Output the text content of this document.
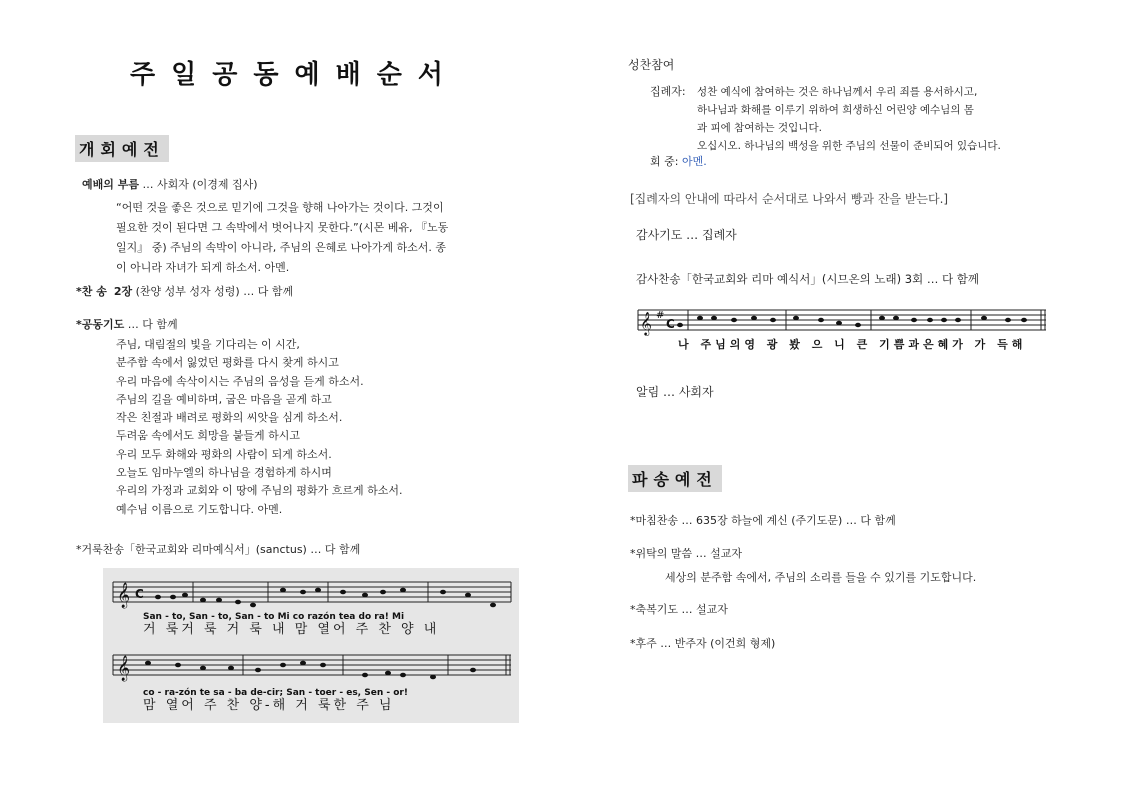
주일공동예배순서
개회예전
예배의 부름 … 사회자 (이경제 집사)
“어떤 것을 좋은 것으로 믿기에 그것을 향해 나아가는 것이다. 그것이
필요한 것이 된다면 그 속박에서 벗어나지 못한다.”(시몬 베유, 『노동
일지』 중) 주님의 속박이 아니라, 주님의 은혜로 나아가게 하소서. 종
이 아니라 자녀가 되게 하소서. 아멘.
*찬 송 2장 (찬양 성부 성자 성령) … 다 함께
*공동기도 … 다 함께
주님, 대림절의 빛을 기다리는 이 시간,
분주함 속에서 잃었던 평화를 다시 찾게 하시고
우리 마음에 속삭이시는 주님의 음성을 듣게 하소서.
주님의 길을 예비하며, 굽은 마음을 곧게 하고
작은 친절과 배려로 평화의 씨앗을 심게 하소서.
두려움 속에서도 희망을 붙들게 하시고
우리 모두 화해와 평화의 사람이 되게 하소서.
오늘도 임마누엘의 하나님을 경험하게 하시며
우리의 가정과 교회와 이 땅에 주님의 평화가 흐르게 하소서.
예수님 이름으로 기도합니다. 아멘.
*거룩찬송「한국교회와 리마예식서」(sanctus) … 다 함께
𝄞 C
𝄞
San - to, San - to, San - to Mi co razón tea do ra! Mi
거 룩거 룩 거 룩 내 맘 열어 주 찬 양 내
co - ra-zón te sa - ba de-cir; San - toer - es, Sen - or!
맘 열어 주 찬 양-해 거 룩한 주 님
성찬참여
집례자: 성찬 예식에 참여하는 것은 하나님께서 우리 죄를 용서하시고,
하나님과 화해를 이루기 위하여 희생하신 어린양 예수님의 몸
과 피에 참여하는 것입니다.
오십시오. 하나님의 백성을 위한 주님의 선물이 준비되어 있습니다.
회 중: 아멘.
[집례자의 안내에 따라서 순서대로 나와서 빵과 잔을 받는다.]
감사기도 … 집례자
감사찬송「한국교회와 리마 예식서」(시므온의 노래) 3회 … 다 함께
𝄞 #
C
나 주님의영 광 봤 으 니 큰 기쁨과은혜가 가 득해
알림 … 사회자
파송예전
*마침찬송 … 635장 하늘에 계신 (주기도문) … 다 함께
*위탁의 말씀 … 설교자
세상의 분주함 속에서, 주님의 소리를 들을 수 있기를 기도합니다.
*축복기도 … 설교자
*후주 … 반주자 (이건희 형제)
